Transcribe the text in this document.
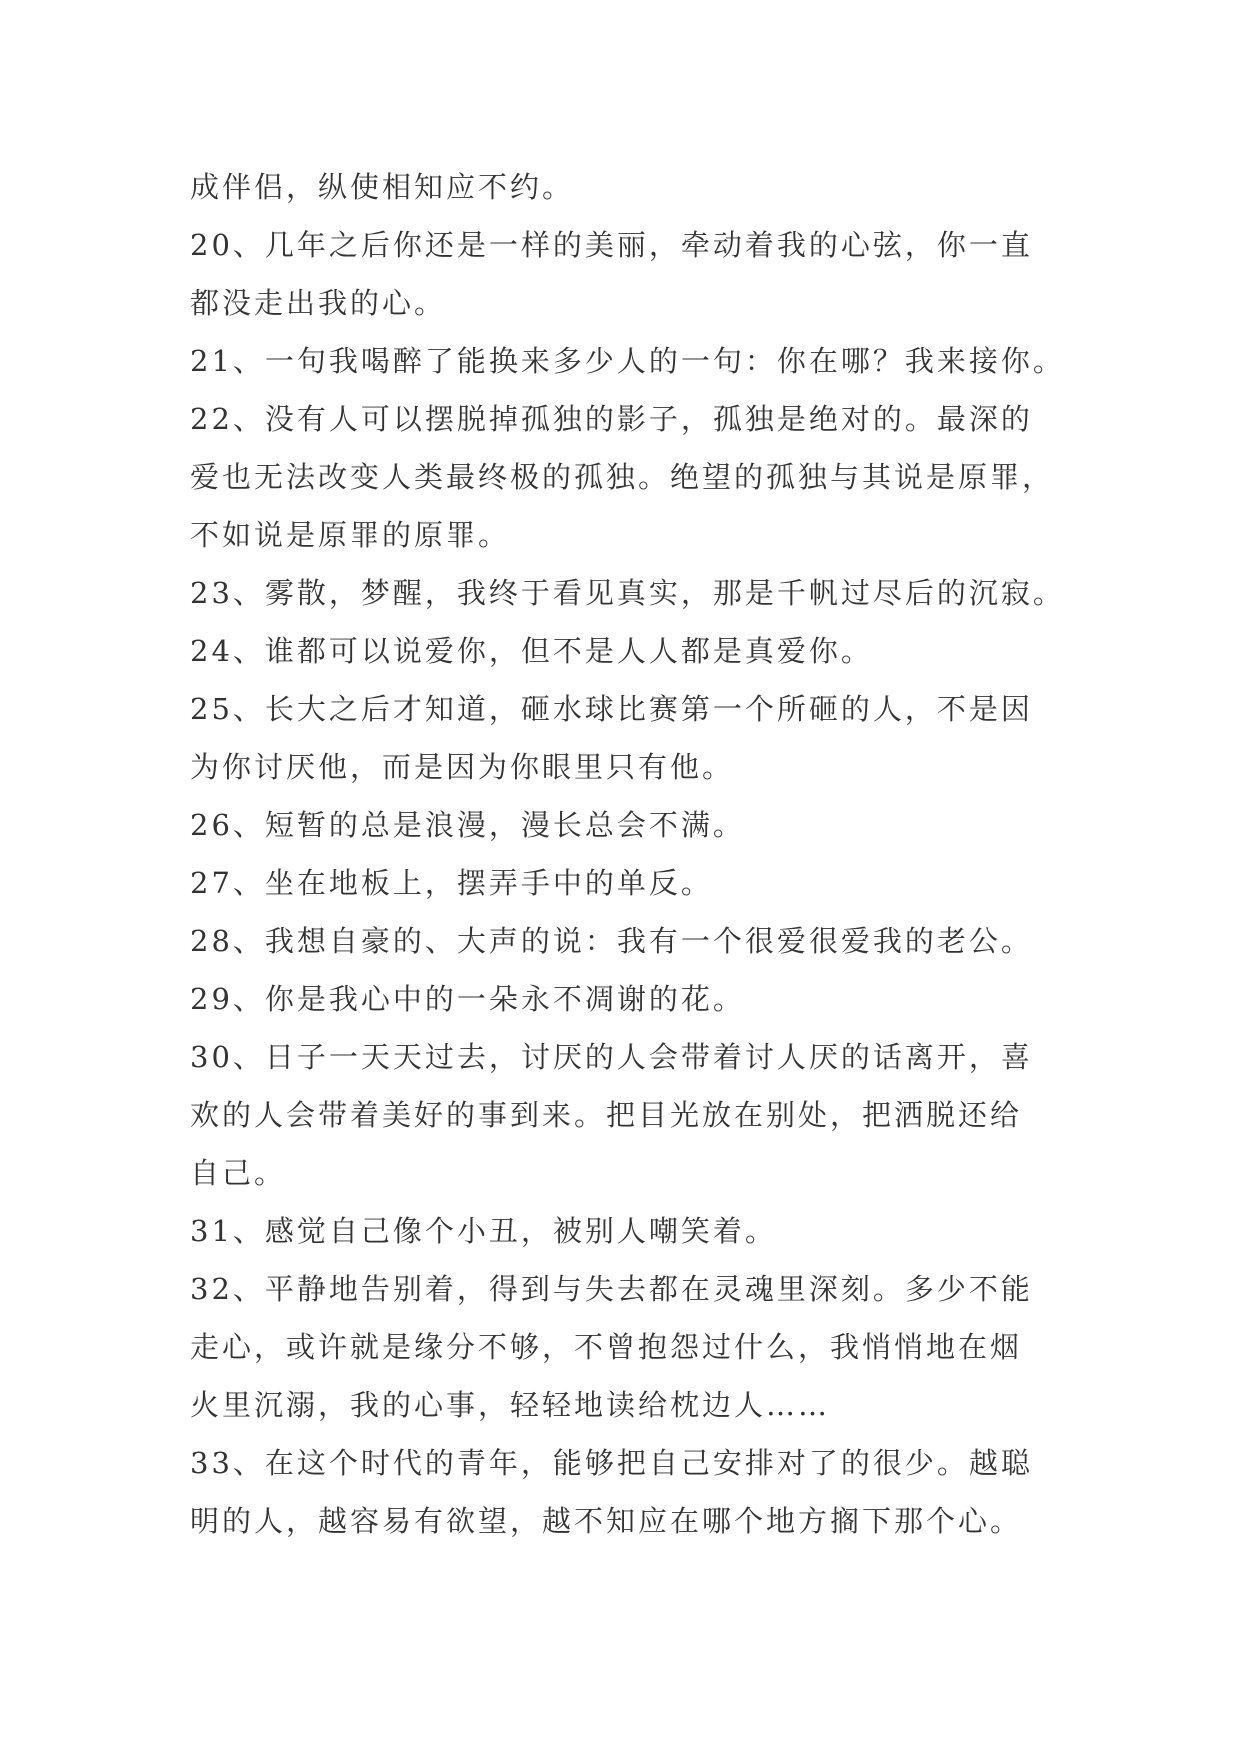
成伴侣，纵使相知应不约。
20、几年之后你还是一样的美丽，牵动着我的心弦，你一直
都没走出我的心。
21、一句我喝醉了能换来多少人的一句：你在哪？我来接你。
22、没有人可以摆脱掉孤独的影子，孤独是绝对的。最深的
爱也无法改变人类最终极的孤独。绝望的孤独与其说是原罪，
不如说是原罪的原罪。
23、雾散，梦醒，我终于看见真实，那是千帆过尽后的沉寂。
24、谁都可以说爱你，但不是人人都是真爱你。
25、长大之后才知道，砸水球比赛第一个所砸的人，不是因
为你讨厌他，而是因为你眼里只有他。
26、短暂的总是浪漫，漫长总会不满。
27、坐在地板上，摆弄手中的单反。
28、我想自豪的、大声的说：我有一个很爱很爱我的老公。
29、你是我心中的一朵永不凋谢的花。
30、日子一天天过去，讨厌的人会带着讨人厌的话离开，喜
欢的人会带着美好的事到来。把目光放在别处，把洒脱还给
自己。
31、感觉自己像个小丑，被别人嘲笑着。
32、平静地告别着，得到与失去都在灵魂里深刻。多少不能
走心，或许就是缘分不够，不曾抱怨过什么，我悄悄地在烟
火里沉溺，我的心事，轻轻地读给枕边人……
33、在这个时代的青年，能够把自己安排对了的很少。越聪
明的人，越容易有欲望，越不知应在哪个地方搁下那个心。
